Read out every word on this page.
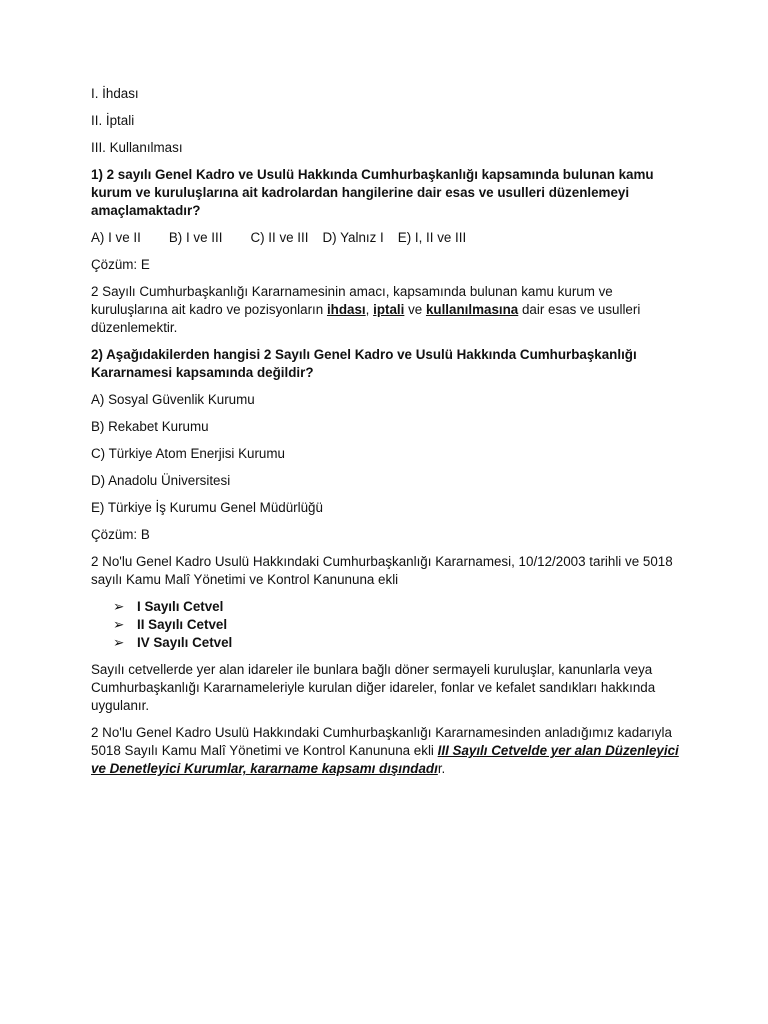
I. İhdası

II. İptali

III. Kullanılması

1) 2 sayılı Genel Kadro ve Usulü Hakkında Cumhurbaşkanlığı kapsamında bulunan kamu kurum ve kuruluşlarına ait kadrolardan hangilerine dair esas ve usulleri düzenlemeyi amaçlamaktadır?

A) I ve II B) I ve III C) II ve III D) Yalnız I E) I, II ve III

Çözüm: E

2 Sayılı Cumhurbaşkanlığı Kararnamesinin amacı, kapsamında bulunan kamu kurum ve kuruluşlarına ait kadro ve pozisyonların ihdası, iptali ve kullanılmasına dair esas ve usulleri düzenlemektir.

2) Aşağıdakilerden hangisi 2 Sayılı Genel Kadro ve Usulü Hakkında Cumhurbaşkanlığı Kararnamesi kapsamında değildir?

A) Sosyal Güvenlik Kurumu

B) Rekabet Kurumu

C) Türkiye Atom Enerjisi Kurumu

D) Anadolu Üniversitesi

E) Türkiye İş Kurumu Genel Müdürlüğü

Çözüm: B

2 No'lu Genel Kadro Usulü Hakkındaki Cumhurbaşkanlığı Kararnamesi, 10/12/2003 tarihli ve 5018 sayılı Kamu Malî Yönetimi ve Kontrol Kanununa ekli

➢ I Sayılı Cetvel
➢ II Sayılı Cetvel
➢ IV Sayılı Cetvel

Sayılı cetvellerde yer alan idareler ile bunlara bağlı döner sermayeli kuruluşlar, kanunlarla veya Cumhurbaşkanlığı Kararnameleriyle kurulan diğer idareler, fonlar ve kefalet sandıkları hakkında uygulanır.

2 No'lu Genel Kadro Usulü Hakkındaki Cumhurbaşkanlığı Kararnamesinden anladığımız kadarıyla 5018 Sayılı Kamu Malî Yönetimi ve Kontrol Kanununa ekli III Sayılı Cetvelde yer alan Düzenleyici ve Denetleyici Kurumlar, kararname kapsamı dışındadır.
